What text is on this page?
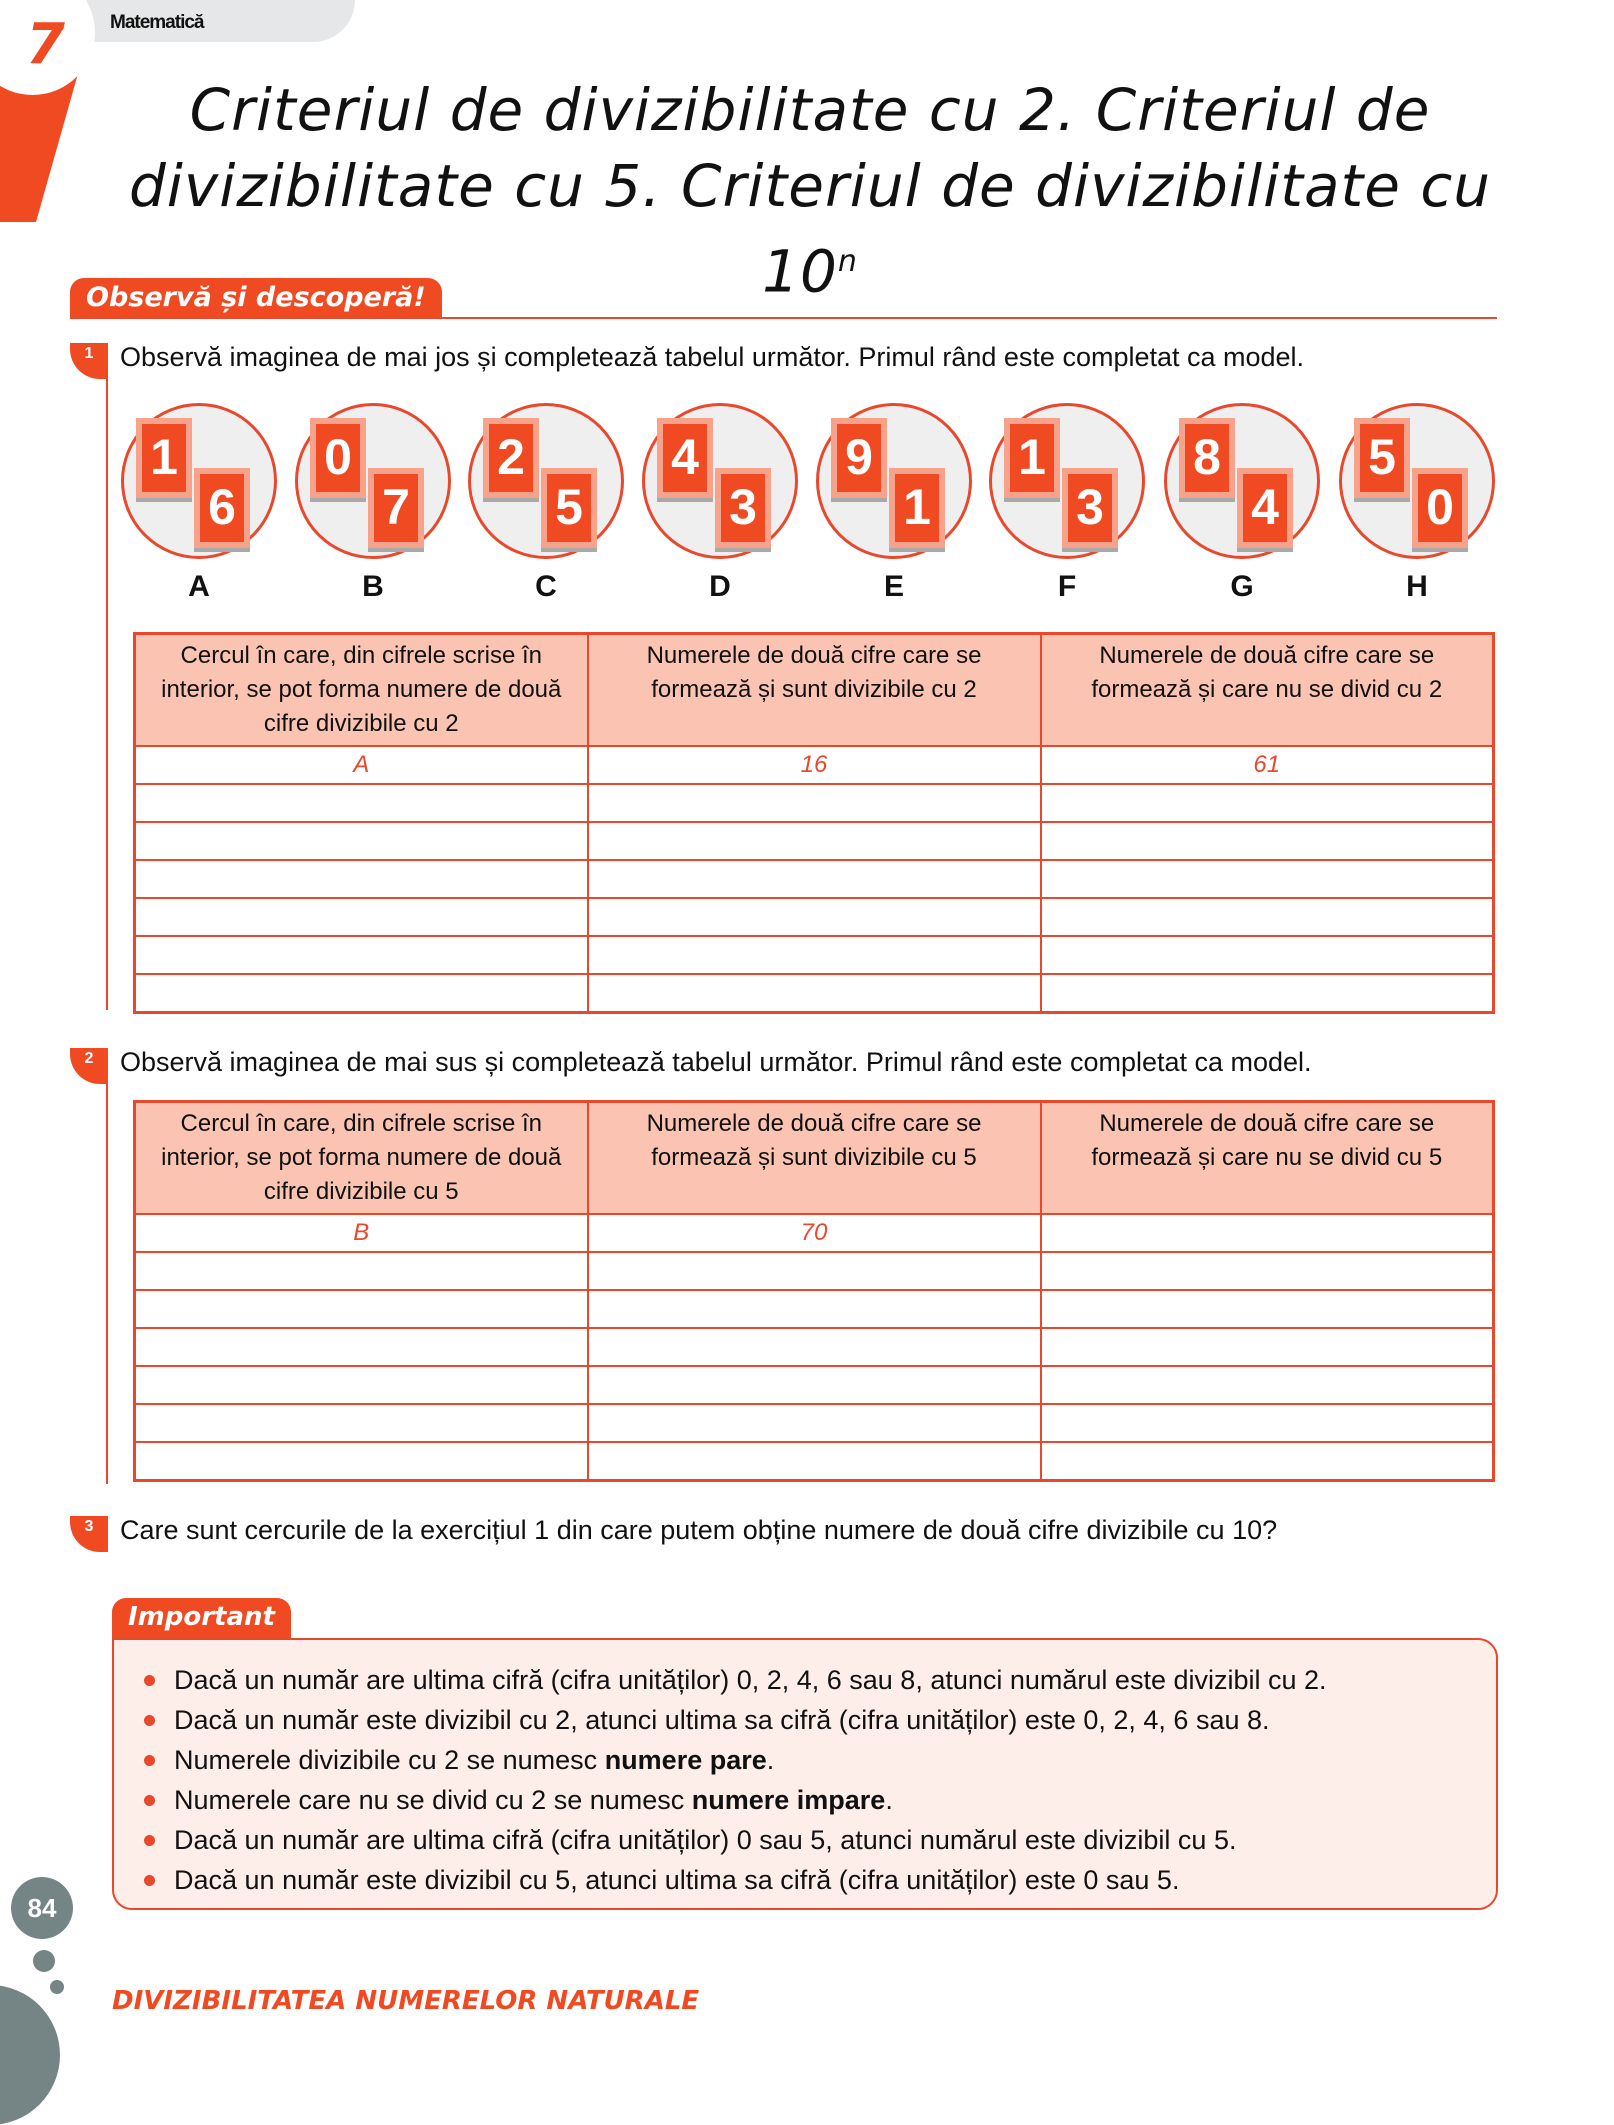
7 Matematică
Criteriul de divizibilitate cu 2. Criteriul de
divizibilitate cu 5. Criteriul de divizibilitate cu 10$^n$
Observă și descoperă!
1 Observă imaginea de mai jos și completează tabelul următor. Primul rând este completat ca model.
1
6
A
0
7
B
2
5
C
4
3
D
9
1
E
1
3
F
8
4
G
5
0
H
Cercul în care, din cifrele scrise în interior, se pot forma numere de două cifre divizibile cu 2	Numerele de două cifre care se formează și sunt divizibile cu 2	Numerele de două cifre care se formează și care nu se divid cu 2
A	16	61

2 Observă imaginea de mai sus și completează tabelul următor. Primul rând este completat ca model.
Cercul în care, din cifrele scrise în interior, se pot forma numere de două cifre divizibile cu 5	Numerele de două cifre care se formează și sunt divizibile cu 5	Numerele de două cifre care se formează și care nu se divid cu 5
B	70	

3 Care sunt cercurile de la exercițiul 1 din care putem obține numere de două cifre divizibile cu 10?
Important
Dacă un număr are ultima cifră (cifra unităților) 0, 2, 4, 6 sau 8, atunci numărul este divizibil cu 2.
Dacă un număr este divizibil cu 2, atunci ultima sa cifră (cifra unităților) este 0, 2, 4, 6 sau 8.
Numerele divizibile cu 2 se numesc numere pare.
Numerele care nu se divid cu 2 se numesc numere impare.
Dacă un număr are ultima cifră (cifra unităților) 0 sau 5, atunci numărul este divizibil cu 5.
Dacă un număr este divizibil cu 5, atunci ultima sa cifră (cifra unităților) este 0 sau 5.
84
DIVIZIBILITATEA NUMERELOR NATURALE
